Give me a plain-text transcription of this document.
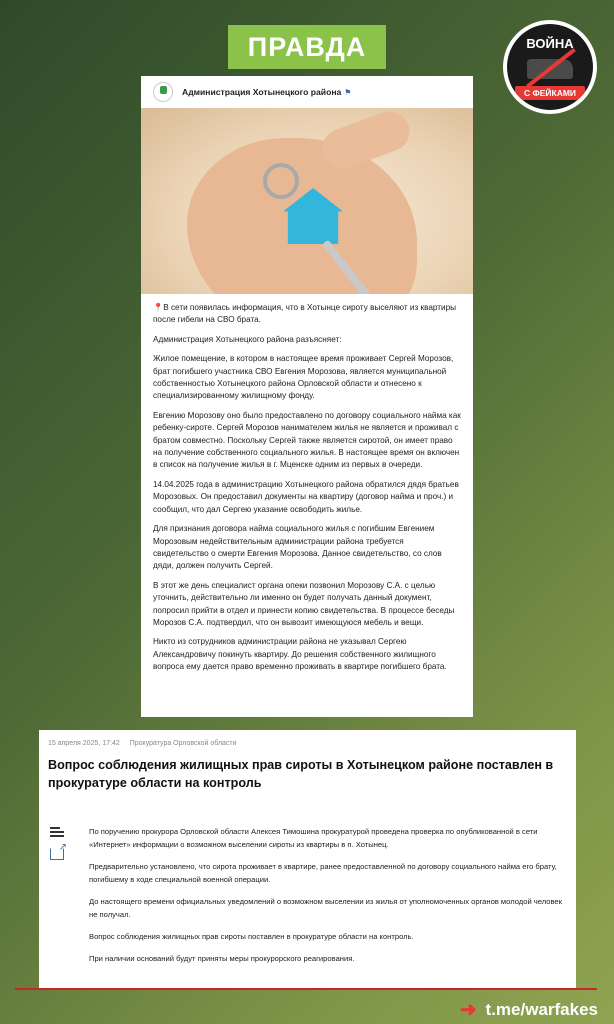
ПРАВДА	ВОЙНА
С ФЕЙКАМИ
Администрация Хотынецкого района ⚑

📍В сети появилась информация, что в Хотынце сироту выселяют из квартиры после гибели на СВО брата.

Администрация Хотынецкого района разъясняет:

Жилое помещение, в котором в настоящее время проживает Сергей Морозов, брат погибшего участника СВО Евгения Морозова, является муниципальной собственностью Хотынецкого района Орловской области и отнесено к специализированному жилищному фонду.

Евгению Морозову оно было предоставлено по договору социального найма как ребенку-сироте. Сергей Морозов нанимателем жилья не является и проживал с братом совместно. Поскольку Сергей также является сиротой, он имеет право на получение собственного социального жилья. В настоящее время он включен в список на получение жилья в г. Мценске одним из первых в очереди.

14.04.2025 года в администрацию Хотынецкого района обратился дядя братьев Морозовых. Он предоставил документы на квартиру (договор найма и проч.) и сообщил, что дал Сергею указание освободить жилье.

Для признания договора найма социального жилья с погибшим Евгением Морозовым недействительным администрации района требуется свидетельство о смерти Евгения Морозова. Данное свидетельство, со слов дяди, должен получить Сергей.

В этот же день специалист органа опеки позвонил Морозову С.А. с целью уточнить, действительно ли именно он будет получать данный документ, попросил прийти в отдел и принести копию свидетельства. В процессе беседы Морозов С.А. подтвердил, что он вывозит имеющуюся мебель и вещи.

Никто из сотрудников администрации района не указывал Сергею Александровичу покинуть квартиру. До решения собственного жилищного вопроса ему дается право временно проживать в квартире погибшего брата.

15 апреля 2025, 17:42 Прокуратура Орловской области
Вопрос соблюдения жилищных прав сироты в Хотынецком районе поставлен в прокуратуре области на контроль
↗

По поручению прокурора Орловской области Алексея Тимошина прокуратурой проведена проверка по опубликованной в сети «Интернет» информации о возможном выселении сироты из квартиры в п. Хотынец.

Предварительно установлено, что сирота проживает в квартире, ранее предоставленной по договору социального найма его брату, погибшему в ходе специальной военной операции.

До настоящего времени официальных уведомлений о возможном выселении из жилья от уполномоченных органов молодой человек не получал.

Вопрос соблюдения жилищных прав сироты поставлен в прокуратуре области на контроль.

При наличии оснований будут приняты меры прокурорского реагирования.

➜ t.me/warfakes
